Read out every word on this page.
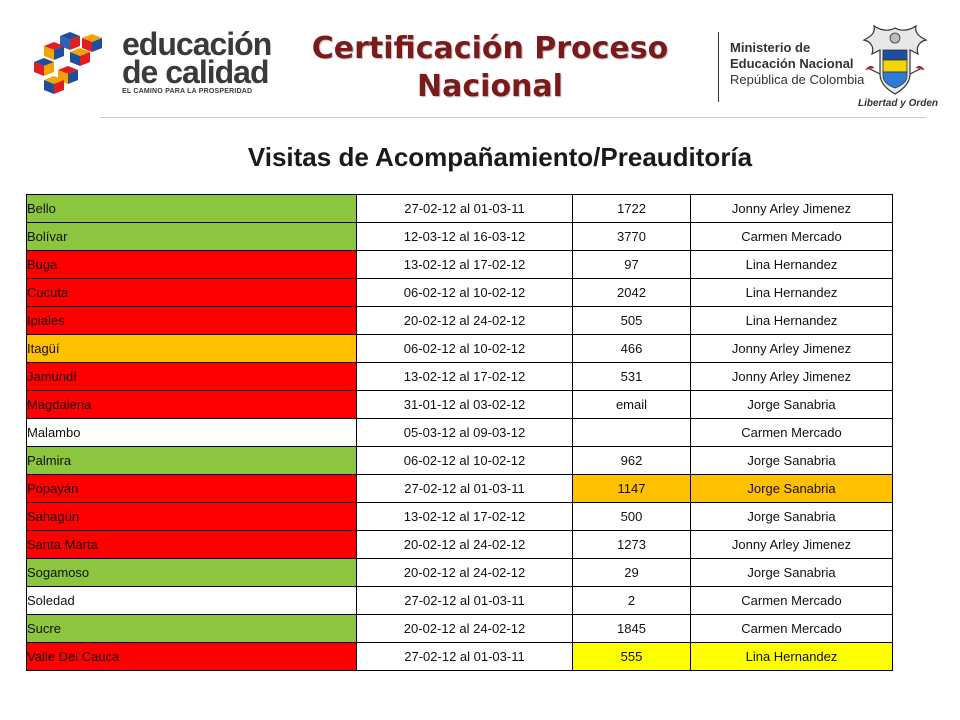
educación
de calidad
EL CAMINO PARA LA PROSPERIDAD
Certificación Proceso
Nacional
Ministerio de
Educación Nacional
República de Colombia
Libertad y Orden
Visitas de Acompañamiento/Preauditoría
Bello	27-02-12 al 01-03-11	1722	Jonny Arley Jimenez
Bolívar	12-03-12 al 16-03-12	3770	Carmen Mercado
Buga	13-02-12 al 17-02-12	97	Lina Hernandez
Cucuta	06-02-12 al 10-02-12	2042	Lina Hernandez
Ipiales	20-02-12 al 24-02-12	505	Lina Hernandez
Itagüí	06-02-12 al 10-02-12	466	Jonny Arley Jimenez
Jamundí	13-02-12 al 17-02-12	531	Jonny Arley Jimenez
Magdalena	31-01-12 al 03-02-12	email	Jorge Sanabria
Malambo	05-03-12 al 09-03-12		Carmen Mercado
Palmira	06-02-12 al 10-02-12	962	Jorge Sanabria
Popayán	27-02-12 al 01-03-11	1147	Jorge Sanabria
Sahagún	13-02-12 al 17-02-12	500	Jorge Sanabria
Santa Marta	20-02-12 al 24-02-12	1273	Jonny Arley Jimenez
Sogamoso	20-02-12 al 24-02-12	29	Jorge Sanabria
Soledad	27-02-12 al 01-03-11	2	Carmen Mercado
Sucre	20-02-12 al 24-02-12	1845	Carmen Mercado
Valle Del Cauca	27-02-12 al 01-03-11	555	Lina Hernandez
